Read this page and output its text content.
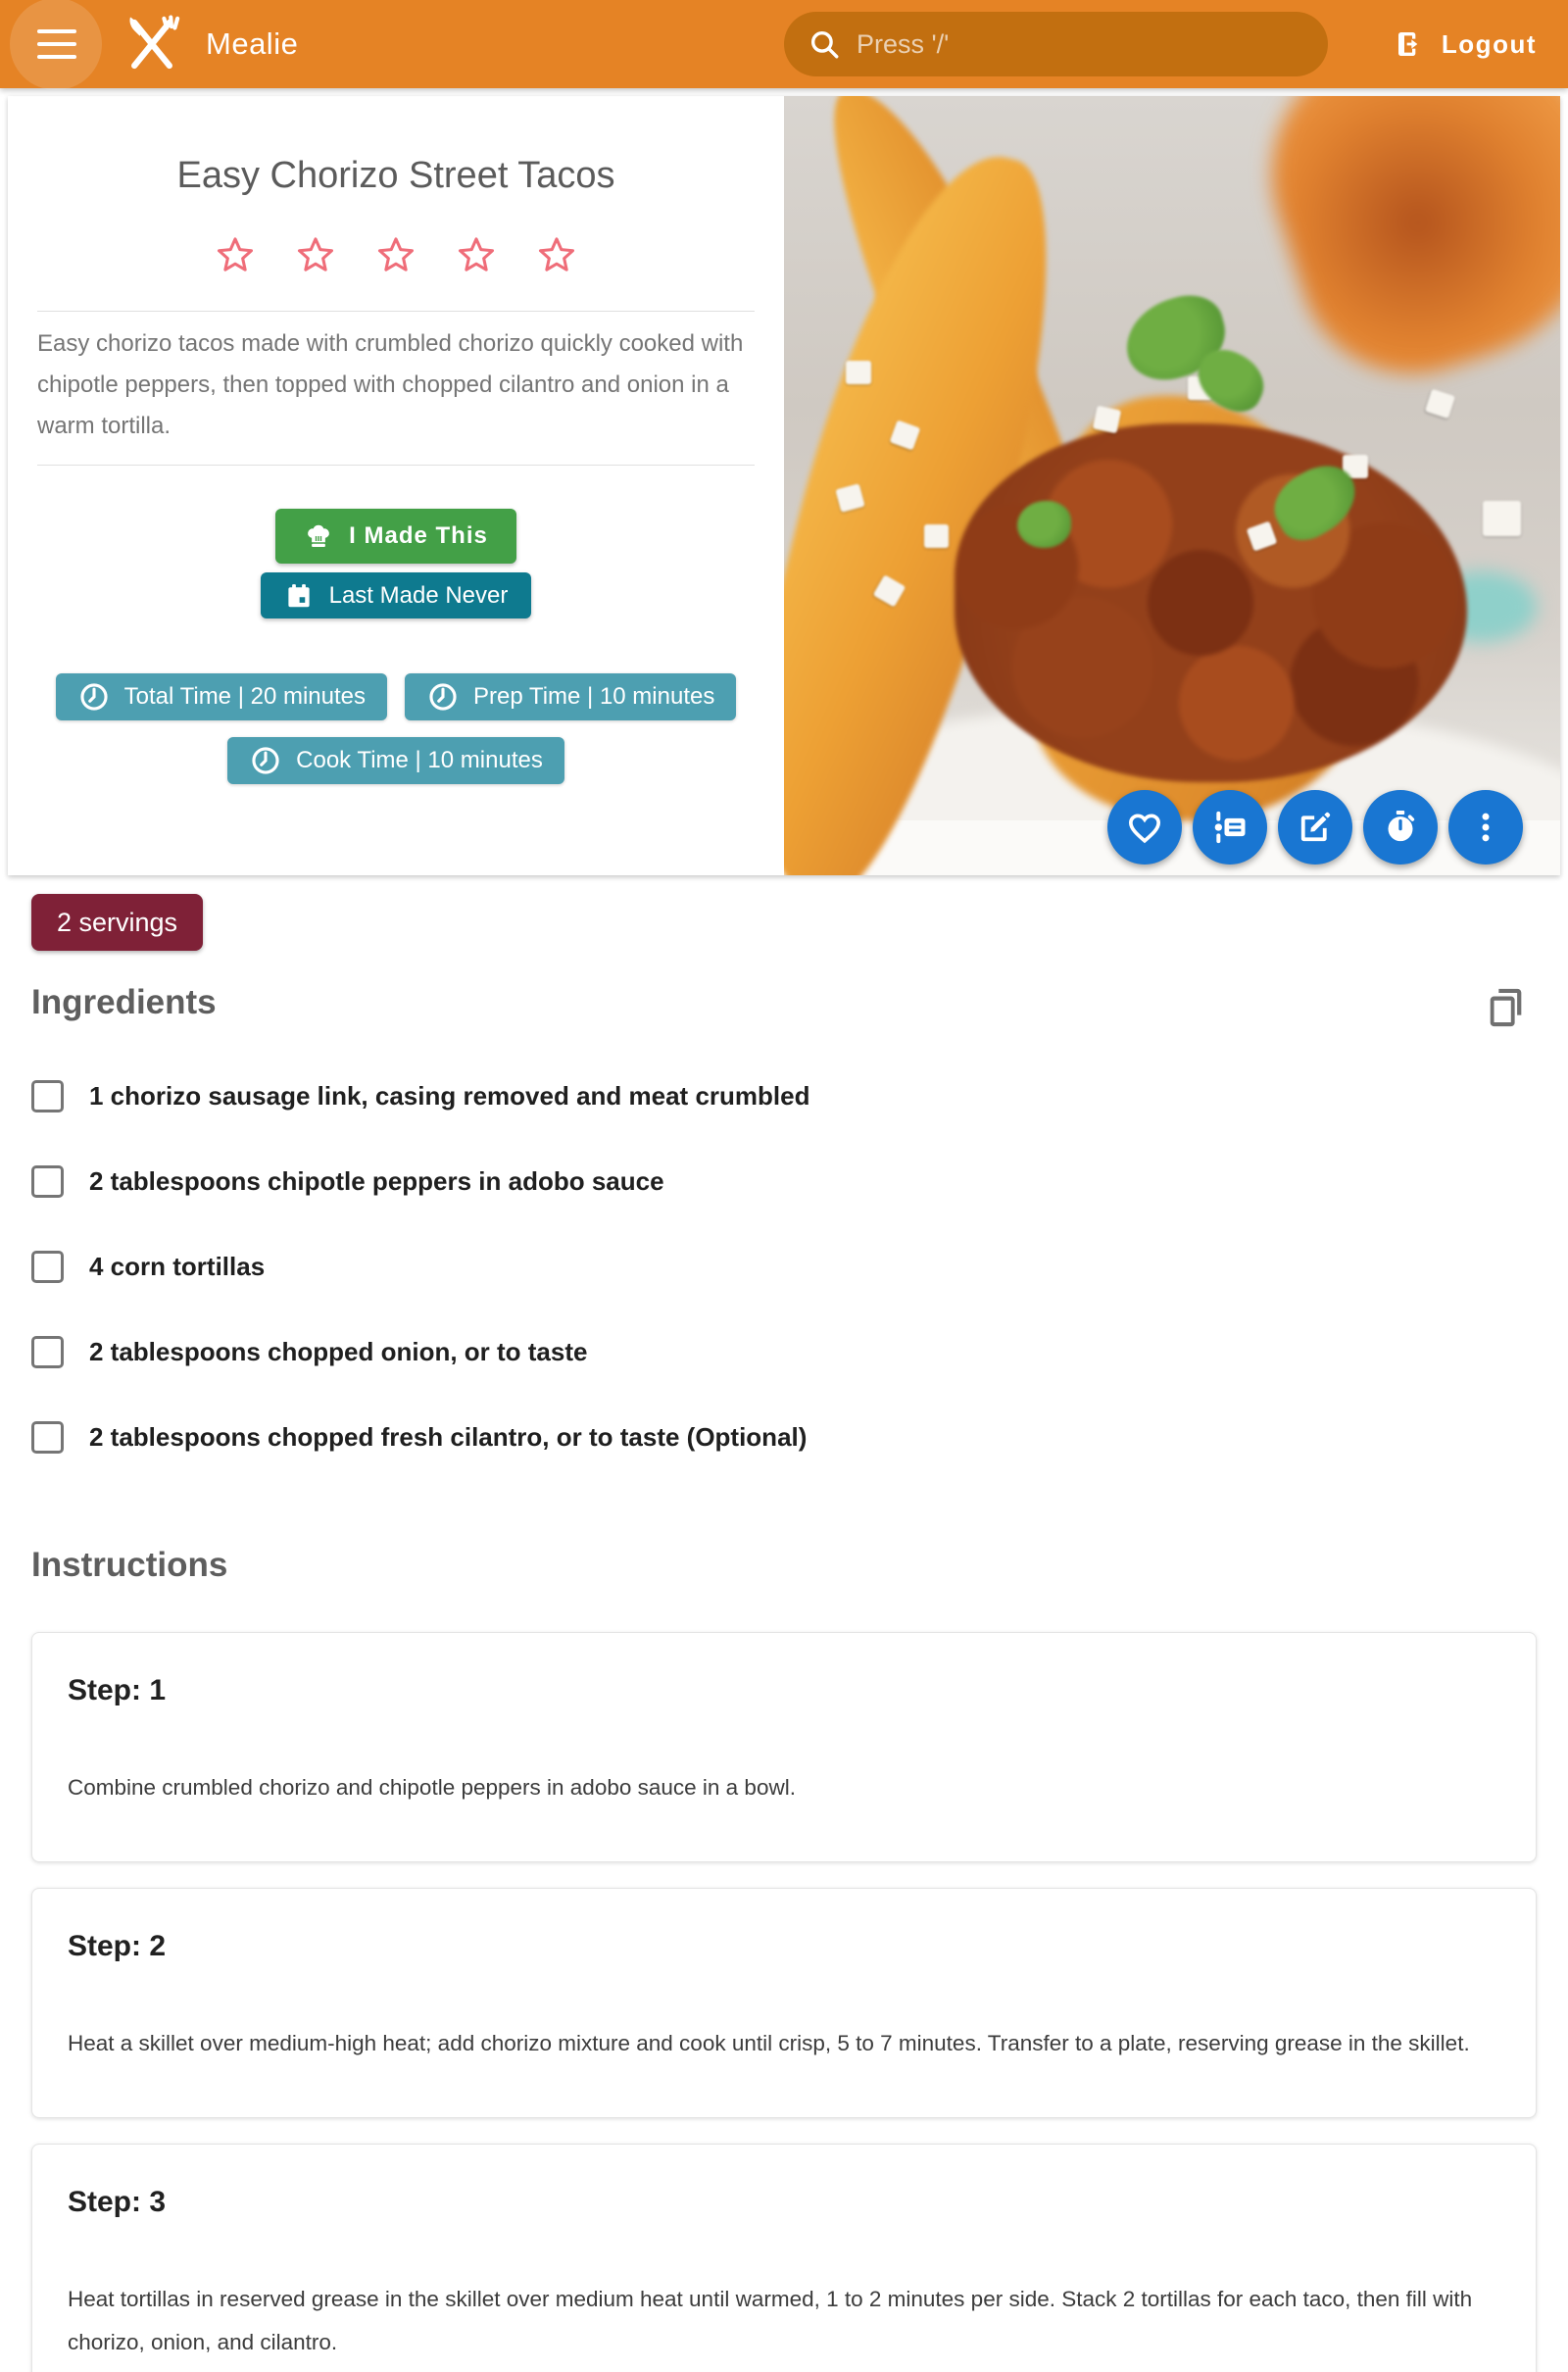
Mealie
Press '/'	Logout
Easy Chorizo Street Tacos

Easy chorizo tacos made with crumbled chorizo quickly cooked with chipotle peppers, then topped with chopped cilantro and onion in a warm tortilla.

I Made This

Last Made Never
Total Time | 20 minutes	Prep Time | 10 minutes
Cook Time | 10 minutes
2 servings
Ingredients
1 chorizo sausage link, casing removed and meat crumbled
2 tablespoons chipotle peppers in adobo sauce
4 corn tortillas
2 tablespoons chopped onion, or to taste
2 tablespoons chopped fresh cilantro, or to taste (Optional)
Instructions
Step: 1

Combine crumbled chorizo and chipotle peppers in adobo sauce in a bowl.

Step: 2

Heat a skillet over medium-high heat; add chorizo mixture and cook until crisp, 5 to 7 minutes. Transfer to a plate, reserving grease in the skillet.

Step: 3

Heat tortillas in reserved grease in the skillet over medium heat until warmed, 1 to 2 minutes per side. Stack 2 tortillas for each taco, then fill with chorizo, onion, and cilantro.
